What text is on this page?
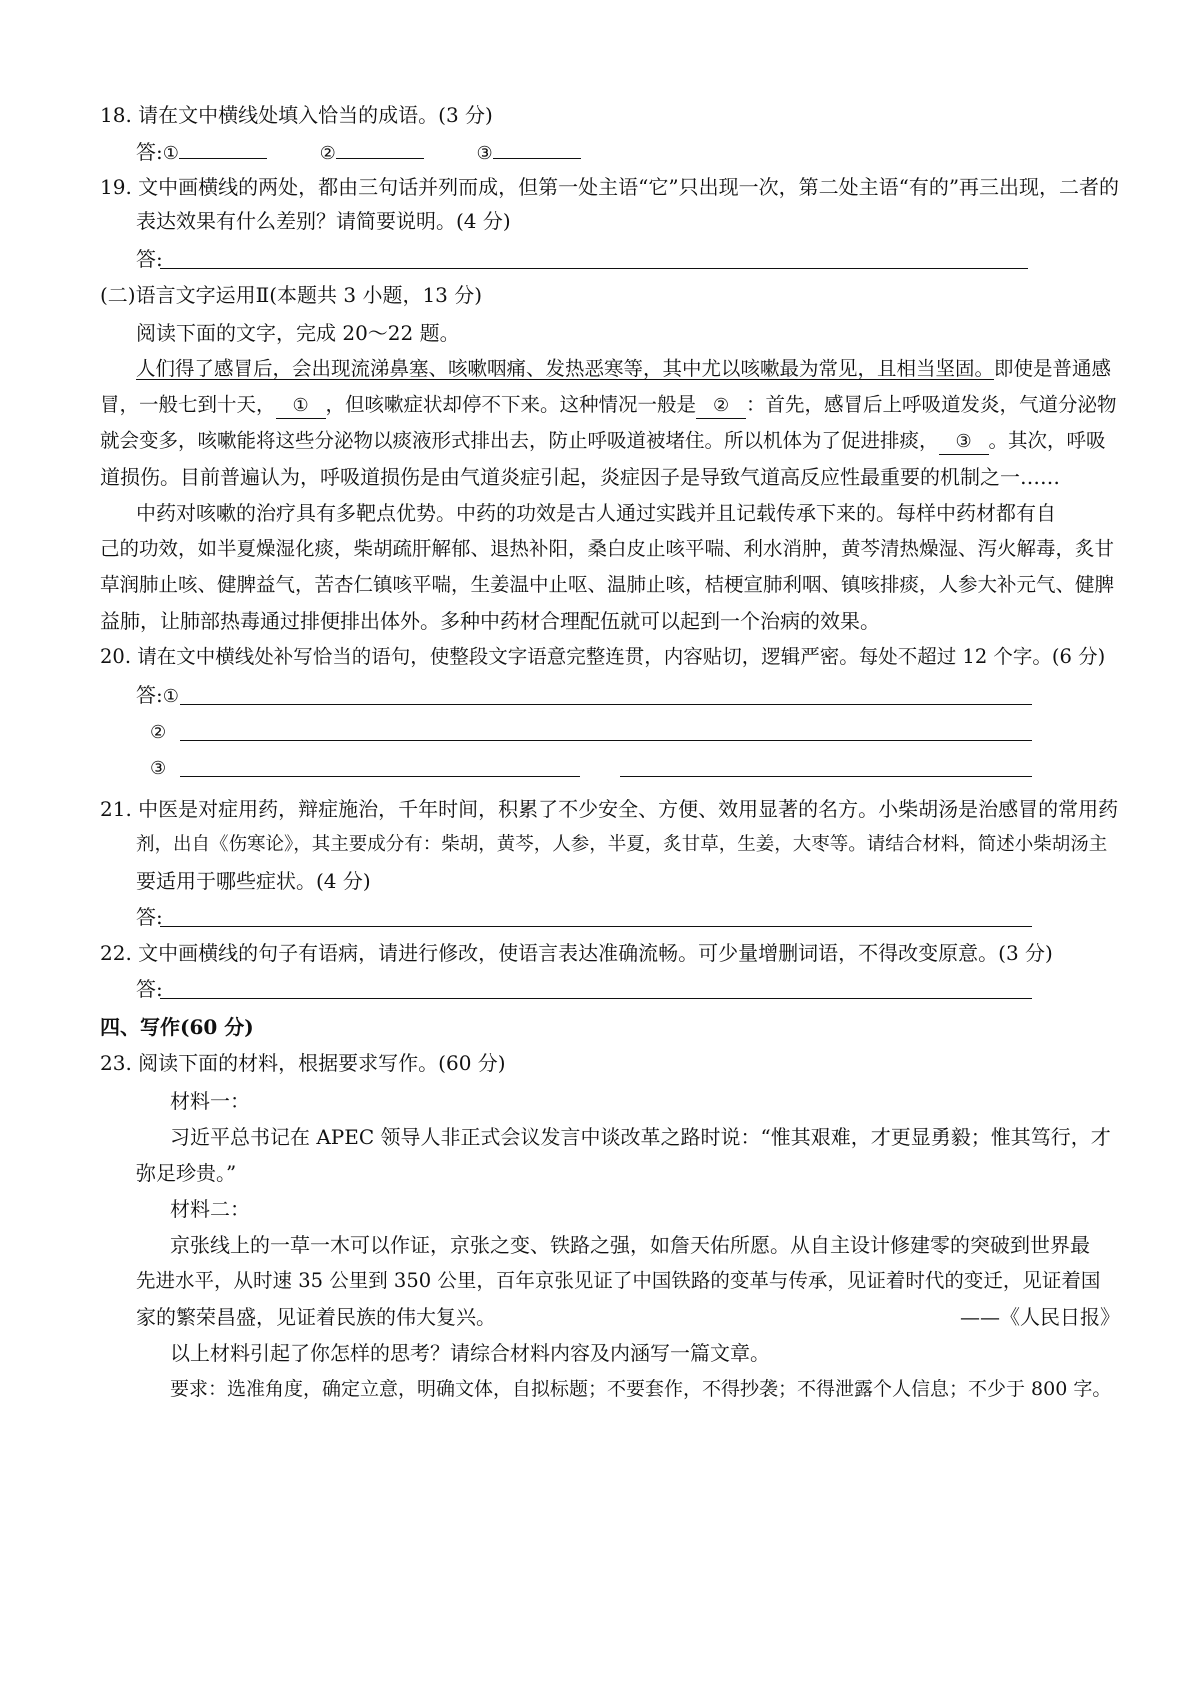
18. 请在文中横线处填入恰当的成语。(3 分)
答:①	②	③
19. 文中画横线的两处，都由三句话并列而成，但第一处主语“它”只出现一次，第二处主语“有的”再三出现，二者的
表达效果有什么差别？请简要说明。(4 分)
答:
(二)语言文字运用Ⅱ(本题共 3 小题，13 分)
阅读下面的文字，完成 20～22 题。
人们得了感冒后，会出现流涕鼻塞、咳嗽咽痛、发热恶寒等，其中尤以咳嗽最为常见，且相当坚固。即使是普通感
冒，一般七到十天， ① ，但咳嗽症状却停不下来。这种情况一般是 ② ：首先，感冒后上呼吸道发炎，气道分泌物
就会变多，咳嗽能将这些分泌物以痰液形式排出去，防止呼吸道被堵住。所以机体为了促进排痰， ③ 。其次，呼吸
道损伤。目前普遍认为，呼吸道损伤是由气道炎症引起，炎症因子是导致气道高反应性最重要的机制之一……
中药对咳嗽的治疗具有多靶点优势。中药的功效是古人通过实践并且记载传承下来的。每样中药材都有自
己的功效，如半夏燥湿化痰，柴胡疏肝解郁、退热补阳，桑白皮止咳平喘、利水消肿，黄芩清热燥湿、泻火解毒，炙甘
草润肺止咳、健脾益气，苦杏仁镇咳平喘，生姜温中止呕、温肺止咳，桔梗宣肺利咽、镇咳排痰，人参大补元气、健脾
益肺，让肺部热毒通过排便排出体外。多种中药材合理配伍就可以起到一个治病的效果。
20. 请在文中横线处补写恰当的语句，使整段文字语意完整连贯，内容贴切，逻辑严密。每处不超过 12 个字。(6 分)
答:①
②
③
21. 中医是对症用药，辩症施治，千年时间，积累了不少安全、方便、效用显著的名方。小柴胡汤是治感冒的常用药
剂，出自《伤寒论》，其主要成分有：柴胡，黄芩，人参，半夏，炙甘草，生姜，大枣等。请结合材料，简述小柴胡汤主
要适用于哪些症状。(4 分)
答:
22. 文中画横线的句子有语病，请进行修改，使语言表达准确流畅。可少量增删词语，不得改变原意。(3 分)
答:
四、写作(60 分)
23. 阅读下面的材料，根据要求写作。(60 分)
材料一：
习近平总书记在 APEC 领导人非正式会议发言中谈改革之路时说：“惟其艰难，才更显勇毅；惟其笃行，才
弥足珍贵。”
材料二：
京张线上的一草一木可以作证，京张之变、铁路之强，如詹天佑所愿。从自主设计修建零的突破到世界最
先进水平，从时速 35 公里到 350 公里，百年京张见证了中国铁路的变革与传承，见证着时代的变迁，见证着国
家的繁荣昌盛，见证着民族的伟大复兴。	——《人民日报》
以上材料引起了你怎样的思考？请综合材料内容及内涵写一篇文章。
要求：选准角度，确定立意，明确文体，自拟标题；不要套作，不得抄袭；不得泄露个人信息；不少于 800 字。
